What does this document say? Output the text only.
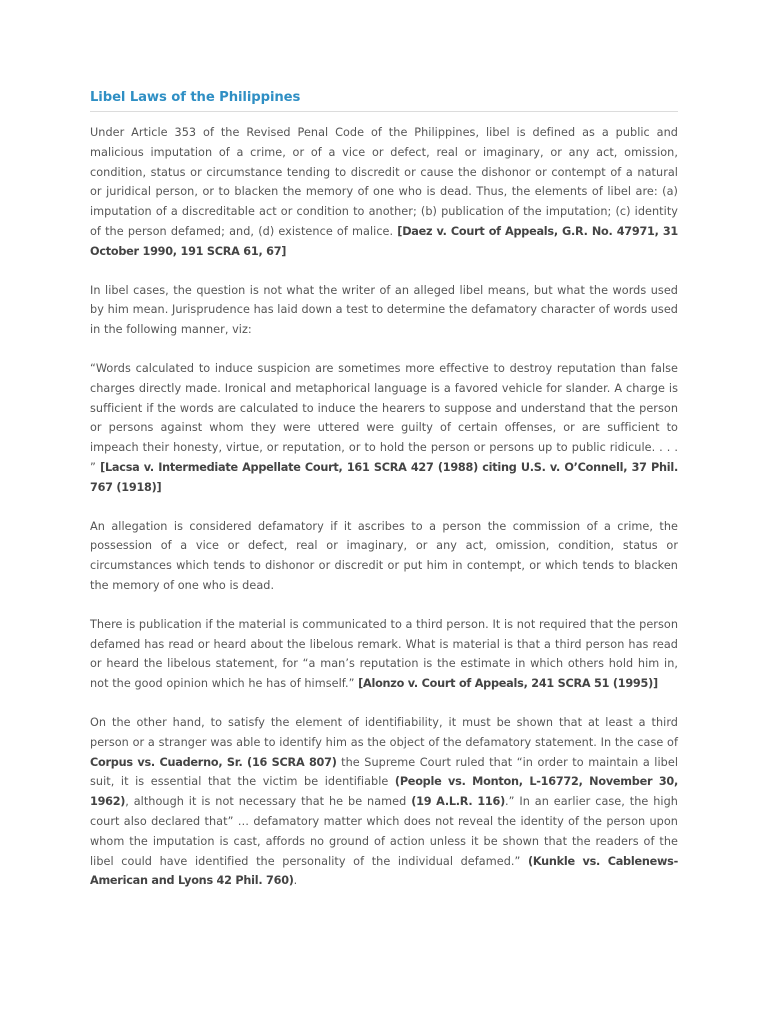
Libel Laws of the Philippines

Under Article 353 of the Revised Penal Code of the Philippines, libel is defined as a public and malicious imputation of a crime, or of a vice or defect, real or imaginary, or any act, omission, condition, status or circumstance tending to discredit or cause the dishonor or contempt of a natural or juridical person, or to blacken the memory of one who is dead. Thus, the elements of libel are: (a) imputation of a discreditable act or condition to another; (b) publication of the imputation; (c) identity of the person defamed; and, (d) existence of malice. [Daez v. Court of Appeals, G.R. No. 47971, 31 October 1990, 191 SCRA 61, 67]

In libel cases, the question is not what the writer of an alleged libel means, but what the words used by him mean. Jurisprudence has laid down a test to determine the defamatory character of words used in the following manner, viz:

“Words calculated to induce suspicion are sometimes more effective to destroy reputation than false charges directly made. Ironical and metaphorical language is a favored vehicle for slander. A charge is sufficient if the words are calculated to induce the hearers to suppose and understand that the person or persons against whom they were uttered were guilty of certain offenses, or are sufficient to impeach their honesty, virtue, or reputation, or to hold the person or persons up to public ridicule. . . . ” [Lacsa v. Intermediate Appellate Court, 161 SCRA 427 (1988) citing U.S. v. O’Connell, 37 Phil. 767 (1918)]

An allegation is considered defamatory if it ascribes to a person the commission of a crime, the possession of a vice or defect, real or imaginary, or any act, omission, condition, status or circumstances which tends to dishonor or discredit or put him in contempt, or which tends to blacken the memory of one who is dead.

There is publication if the material is communicated to a third person. It is not required that the person defamed has read or heard about the libelous remark. What is material is that a third person has read or heard the libelous statement, for “a man’s reputation is the estimate in which others hold him in, not the good opinion which he has of himself.” [Alonzo v. Court of Appeals, 241 SCRA 51 (1995)]

On the other hand, to satisfy the element of identifiability, it must be shown that at least a third person or a stranger was able to identify him as the object of the defamatory statement. In the case of Corpus vs. Cuaderno, Sr. (16 SCRA 807) the Supreme Court ruled that “in order to maintain a libel suit, it is essential that the victim be identifiable (People vs. Monton, L-16772, November 30, 1962), although it is not necessary that he be named (19 A.L.R. 116).” In an earlier case, the high court also declared that” … defamatory matter which does not reveal the identity of the person upon whom the imputation is cast, affords no ground of action unless it be shown that the readers of the libel could have identified the personality of the individual defamed.” (Kunkle vs. Cablenews-American and Lyons 42 Phil. 760).
